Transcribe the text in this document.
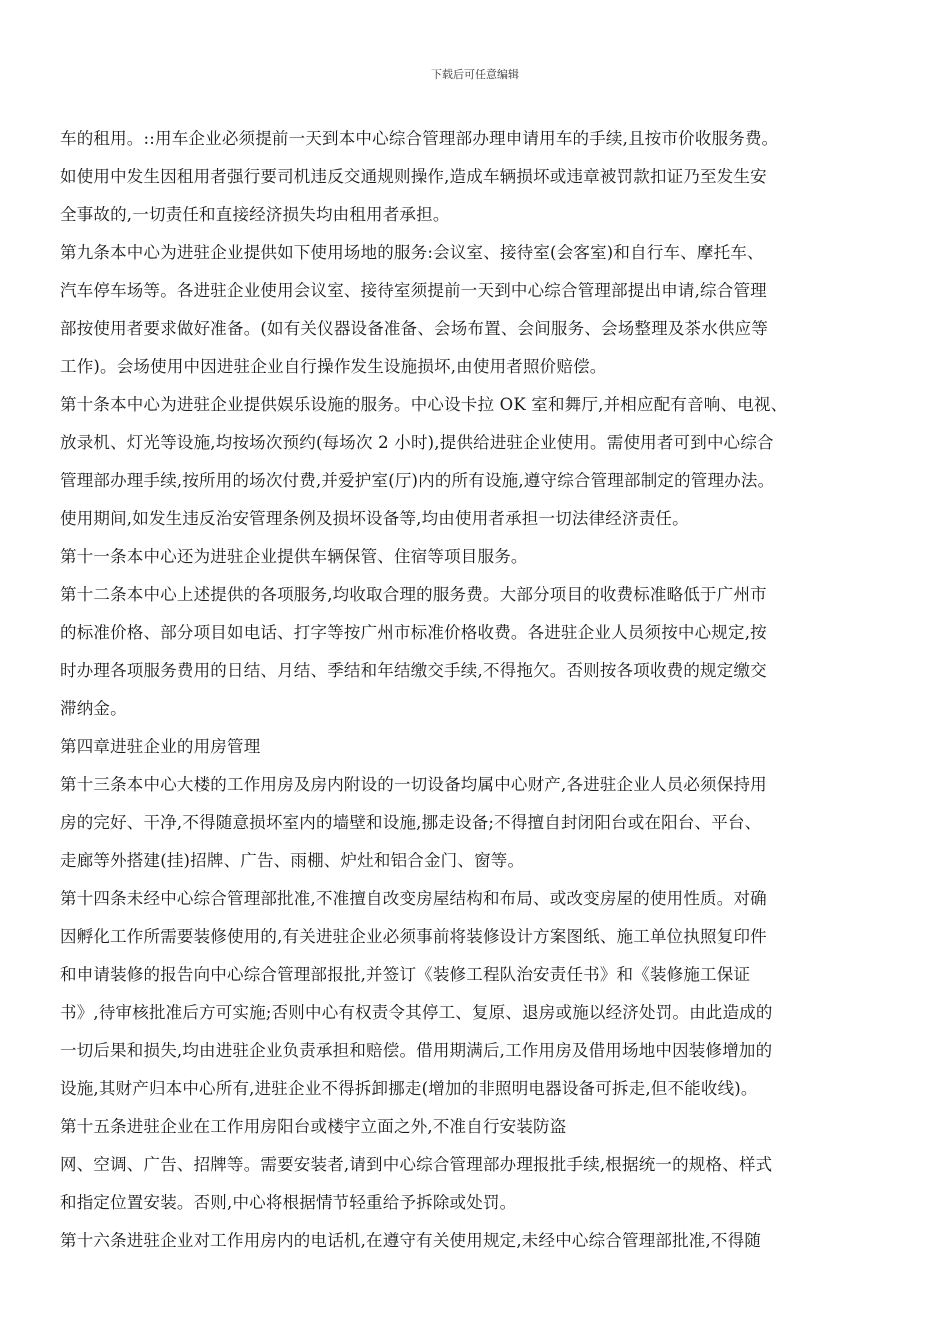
下载后可任意编辑

车的租用。::用车企业必须提前一天到本中心综合管理部办理申请用车的手续,且按市价收服务费。

如使用中发生因租用者强行要司机违反交通规则操作,造成车辆损坏或违章被罚款扣证乃至发生安

全事故的,一切责任和直接经济损失均由租用者承担。

第九条本中心为进驻企业提供如下使用场地的服务:会议室、接待室(会客室)和自行车、摩托车、

汽车停车场等。各进驻企业使用会议室、接待室须提前一天到中心综合管理部提出申请,综合管理

部按使用者要求做好准备。(如有关仪器设备准备、会场布置、会间服务、会场整理及茶水供应等

工作)。会场使用中因进驻企业自行操作发生设施损坏,由使用者照价赔偿。

第十条本中心为进驻企业提供娱乐设施的服务。中心设卡拉 OK 室和舞厅,并相应配有音响、电视、

放录机、灯光等设施,均按场次预约(每场次 2 小时),提供给进驻企业使用。需使用者可到中心综合

管理部办理手续,按所用的场次付费,并爱护室(厅)内的所有设施,遵守综合管理部制定的管理办法。

使用期间,如发生违反治安管理条例及损坏设备等,均由使用者承担一切法律经济责任。

第十一条本中心还为进驻企业提供车辆保管、住宿等项目服务。

第十二条本中心上述提供的各项服务,均收取合理的服务费。大部分项目的收费标准略低于广州市

的标准价格、部分项目如电话、打字等按广州市标准价格收费。各进驻企业人员须按中心规定,按

时办理各项服务费用的日结、月结、季结和年结缴交手续,不得拖欠。否则按各项收费的规定缴交

滞纳金。

第四章进驻企业的用房管理

第十三条本中心大楼的工作用房及房内附设的一切设备均属中心财产,各进驻企业人员必须保持用

房的完好、干净,不得随意损坏室内的墙壁和设施,挪走设备;不得擅自封闭阳台或在阳台、平台、

走廊等外搭建(挂)招牌、广告、雨棚、炉灶和铝合金门、窗等。

第十四条未经中心综合管理部批准,不准擅自改变房屋结构和布局、或改变房屋的使用性质。对确

因孵化工作所需要装修使用的,有关进驻企业必须事前将装修设计方案图纸、施工单位执照复印件

和申请装修的报告向中心综合管理部报批,并签订《装修工程队治安责任书》和《装修施工保证

书》,待审核批准后方可实施;否则中心有权责令其停工、复原、退房或施以经济处罚。由此造成的

一切后果和损失,均由进驻企业负责承担和赔偿。借用期满后,工作用房及借用场地中因装修增加的

设施,其财产归本中心所有,进驻企业不得拆卸挪走(增加的非照明电器设备可拆走,但不能收线)。

第十五条进驻企业在工作用房阳台或楼宇立面之外,不准自行安装防盗

网、空调、广告、招牌等。需要安装者,请到中心综合管理部办理报批手续,根据统一的规格、样式

和指定位置安装。否则,中心将根据情节轻重给予拆除或处罚。

第十六条进驻企业对工作用房内的电话机,在遵守有关使用规定,未经中心综合管理部批准,不得随
